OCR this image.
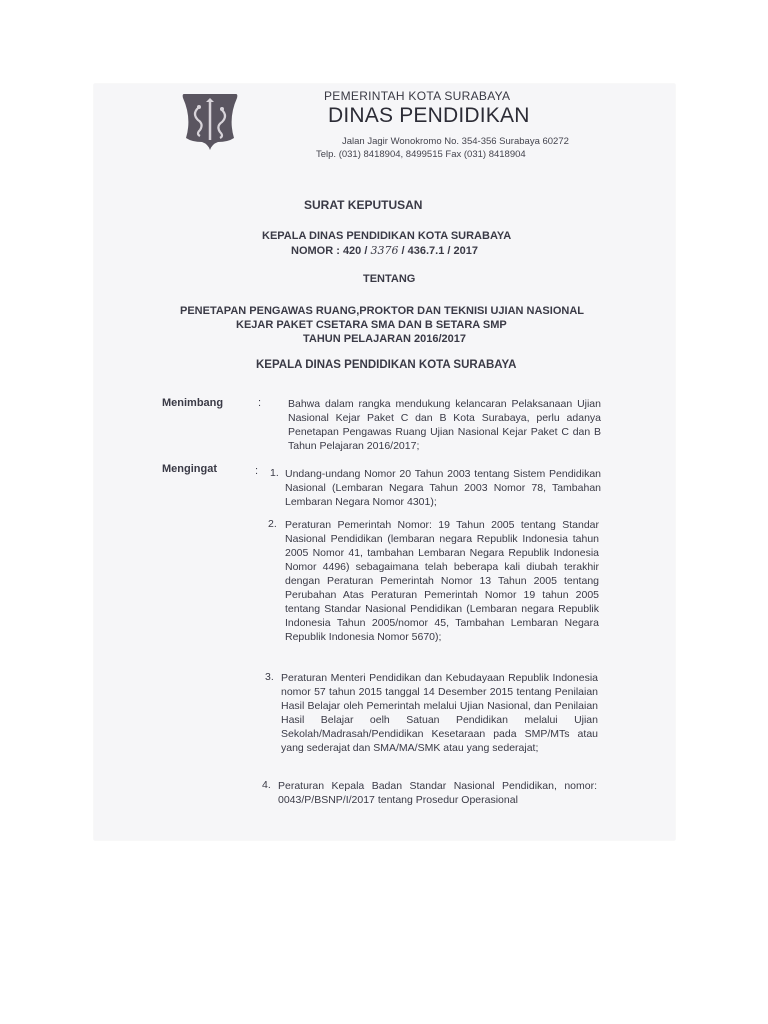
PEMERINTAH KOTA SURABAYA
DINAS PENDIDIKAN
Jalan Jagir Wonokromo No. 354-356 Surabaya 60272
Telp. (031) 8418904, 8499515 Fax (031) 8418904
SURAT KEPUTUSAN
KEPALA DINAS PENDIDIKAN KOTA SURABAYA
NOMOR : 420 / 3376 / 436.7.1 / 2017
TENTANG
PENETAPAN PENGAWAS RUANG,PROKTOR DAN TEKNISI UJIAN NASIONAL
KEJAR PAKET CSETARA SMA DAN B SETARA SMP
TAHUN PELAJARAN 2016/2017
KEPALA DINAS PENDIDIKAN KOTA SURABAYA
Menimbang	:	Bahwa dalam rangka mendukung kelancaran Pelaksanaan Ujian Nasional Kejar Paket C dan B Kota Surabaya, perlu adanya Penetapan Pengawas Ruang Ujian Nasional Kejar Paket C dan B Tahun Pelajaran 2016/2017;

Mengingat	: 1. Undang-undang Nomor 20 Tahun 2003 tentang Sistem Pendidikan Nasional (Lembaran Negara Tahun 2003 Nomor 78, Tambahan Lembaran Negara Nomor 4301);

2. Peraturan Pemerintah Nomor: 19 Tahun 2005 tentang Standar Nasional Pendidikan (lembaran negara Republik Indonesia tahun 2005 Nomor 41, tambahan Lembaran Negara Republik Indonesia Nomor 4496) sebagaimana telah beberapa kali diubah terakhir dengan Peraturan Pemerintah Nomor 13 Tahun 2005 tentang Perubahan Atas Peraturan Pemerintah Nomor 19 tahun 2005 tentang Standar Nasional Pendidikan (Lembaran negara Republik Indonesia Tahun 2005/nomor 45, Tambahan Lembaran Negara Republik Indonesia Nomor 5670);

3. Peraturan Menteri Pendidikan dan Kebudayaan Republik Indonesia nomor 57 tahun 2015 tanggal 14 Desember 2015 tentang Penilaian Hasil Belajar oleh Pemerintah melalui Ujian Nasional, dan Penilaian Hasil Belajar oelh Satuan Pendidikan melalui Ujian Sekolah/Madrasah/Pendidikan Kesetaraan pada SMP/MTs atau yang sederajat dan SMA/MA/SMK atau yang sederajat;

4. Peraturan Kepala Badan Standar Nasional Pendidikan, nomor: 0043/P/BSNP/I/2017 tentang Prosedur Operasional
